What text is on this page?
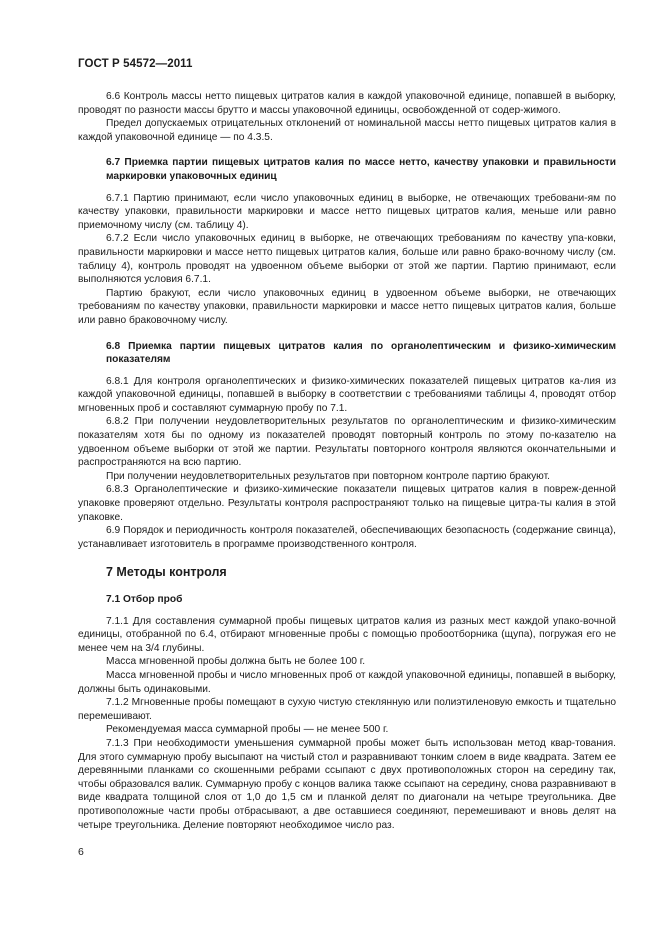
ГОСТ Р 54572—2011

6.6 Контроль массы нетто пищевых цитратов калия в каждой упаковочной единице, попавшей в выборку, проводят по разности массы брутто и массы упаковочной единицы, освобожденной от содер-жимого.

Предел допускаемых отрицательных отклонений от номинальной массы нетто пищевых цитратов калия в каждой упаковочной единице — по 4.3.5.

6.7 Приемка партии пищевых цитратов калия по массе нетто, качеству упаковки и правильности маркировки упаковочных единиц

6.7.1 Партию принимают, если число упаковочных единиц в выборке, не отвечающих требовани-ям по качеству упаковки, правильности маркировки и массе нетто пищевых цитратов калия, меньше или равно приемочному числу (см. таблицу 4).

6.7.2 Если число упаковочных единиц в выборке, не отвечающих требованиям по качеству упа-ковки, правильности маркировки и массе нетто пищевых цитратов калия, больше или равно брако-вочному числу (см. таблицу 4), контроль проводят на удвоенном объеме выборки от этой же партии. Партию принимают, если выполняются условия 6.7.1.

Партию бракуют, если число упаковочных единиц в удвоенном объеме выборки, не отвечающих требованиям по качеству упаковки, правильности маркировки и массе нетто пищевых цитратов калия, больше или равно браковочному числу.

6.8 Приемка партии пищевых цитратов калия по органолептическим и физико-химическим показателям

6.8.1 Для контроля органолептических и физико-химических показателей пищевых цитратов ка-лия из каждой упаковочной единицы, попавшей в выборку в соответствии с требованиями таблицы 4, проводят отбор мгновенных проб и составляют суммарную пробу по 7.1.

6.8.2 При получении неудовлетворительных результатов по органолептическим и физико-химическим показателям хотя бы по одному из показателей проводят повторный контроль по этому по-казателю на удвоенном объеме выборки от этой же партии. Результаты повторного контроля являются окончательными и распространяются на всю партию.

При получении неудовлетворительных результатов при повторном контроле партию бракуют.

6.8.3 Органолептические и физико-химические показатели пищевых цитратов калия в повреж-денной упаковке проверяют отдельно. Результаты контроля распространяют только на пищевые цитра-ты калия в этой упаковке.

6.9 Порядок и периодичность контроля показателей, обеспечивающих безопасность (содержание свинца), устанавливает изготовитель в программе производственного контроля.

7 Методы контроля

7.1 Отбор проб

7.1.1 Для составления суммарной пробы пищевых цитратов калия из разных мест каждой упако-вочной единицы, отобранной по 6.4, отбирают мгновенные пробы с помощью пробоотборника (щупа), погружая его не менее чем на 3/4 глубины.

Масса мгновенной пробы должна быть не более 100 г.

Масса мгновенной пробы и число мгновенных проб от каждой упаковочной единицы, попавшей в выборку, должны быть одинаковыми.

7.1.2 Мгновенные пробы помещают в сухую чистую стеклянную или полиэтиленовую емкость и тщательно перемешивают.

Рекомендуемая масса суммарной пробы — не менее 500 г.

7.1.3 При необходимости уменьшения суммарной пробы может быть использован метод квар-тования. Для этого суммарную пробу высыпают на чистый стол и разравнивают тонким слоем в виде квадрата. Затем ее деревянными планками со скошенными ребрами ссыпают с двух противоположных сторон на середину так, чтобы образовался валик. Суммарную пробу с концов валика также ссыпают на середину, снова разравнивают в виде квадрата толщиной слоя от 1,0 до 1,5 см и планкой делят по диагонали на четыре треугольника. Две противоположные части пробы отбрасывают, а две оставшиеся соединяют, перемешивают и вновь делят на четыре треугольника. Деление повторяют необходимое число раз.

6
